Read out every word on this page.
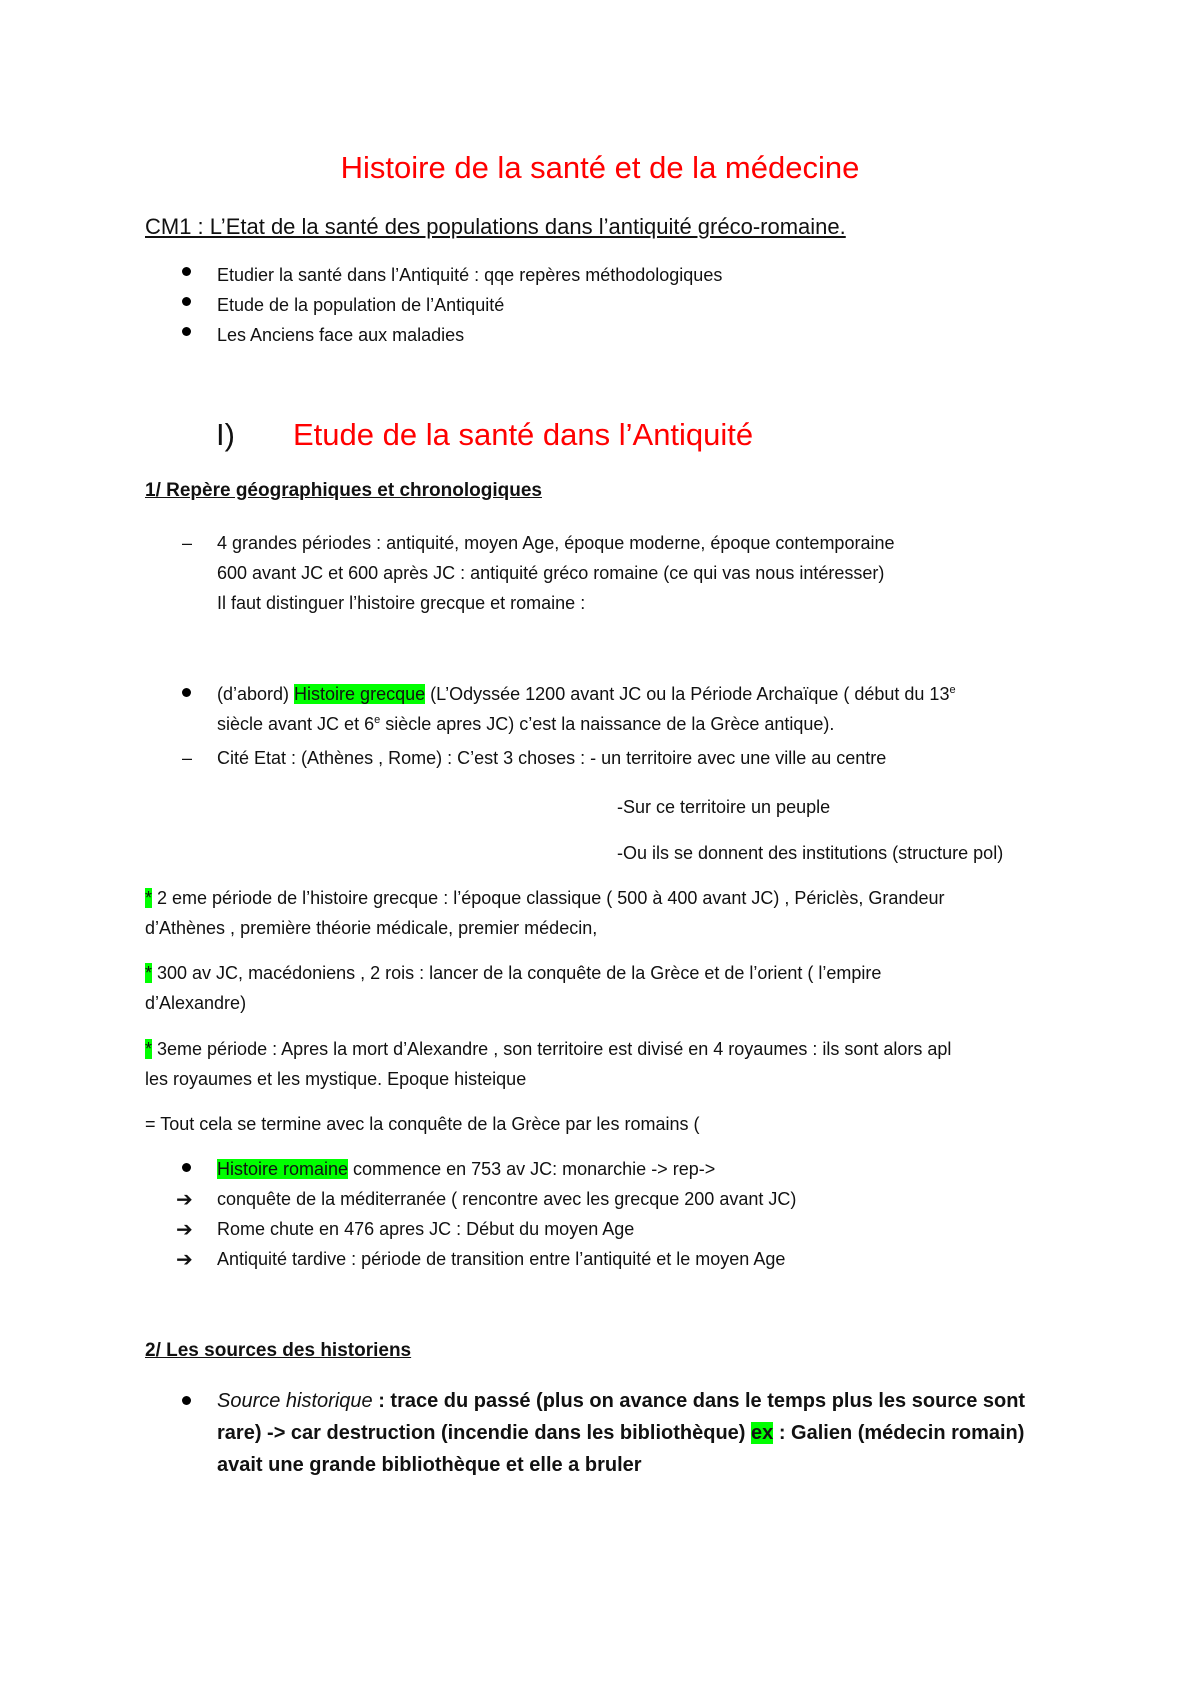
Histoire de la santé et de la médecine
CM1 : L’Etat de la santé des populations dans l’antiquité gréco-romaine.
Etudier la santé dans l’Antiquité : qqe repères méthodologiques
Etude de la population de l’Antiquité
Les Anciens face aux maladies
I) Etude de la santé dans l’Antiquité
1/ Repère géographiques et chronologiques
– 4 grandes périodes : antiquité, moyen Age, époque moderne, époque contemporaine
600 avant JC et 600 après JC : antiquité gréco romaine (ce qui vas nous intéresser)
Il faut distinguer l’histoire grecque et romaine :
(d’abord) Histoire grecque (L’Odyssée 1200 avant JC ou la Période Archaïque ( début du 13e
siècle avant JC et 6e siècle apres JC) c’est la naissance de la Grèce antique).
– Cité Etat : (Athènes , Rome) : C’est 3 choses : - un territoire avec une ville au centre
-Sur ce territoire un peuple
-Ou ils se donnent des institutions (structure pol)
* 2 eme période de l’histoire grecque : l’époque classique ( 500 à 400 avant JC) , Périclès, Grandeur
d’Athènes , première théorie médicale, premier médecin,
* 300 av JC, macédoniens , 2 rois : lancer de la conquête de la Grèce et de l’orient ( l’empire
d’Alexandre)
* 3eme période : Apres la mort d’Alexandre , son territoire est divisé en 4 royaumes : ils sont alors apl
les royaumes et les mystique. Epoque histeique
= Tout cela se termine avec la conquête de la Grèce par les romains (
Histoire romaine commence en 753 av JC: monarchie -> rep->
➔ conquête de la méditerranée ( rencontre avec les grecque 200 avant JC)
➔ Rome chute en 476 apres JC : Début du moyen Age
➔ Antiquité tardive : période de transition entre l’antiquité et le moyen Age
2/ Les sources des historiens
Source historique : trace du passé (plus on avance dans le temps plus les source sont
rare) -> car destruction (incendie dans les bibliothèque) ex : Galien (médecin romain)
avait une grande bibliothèque et elle a bruler
